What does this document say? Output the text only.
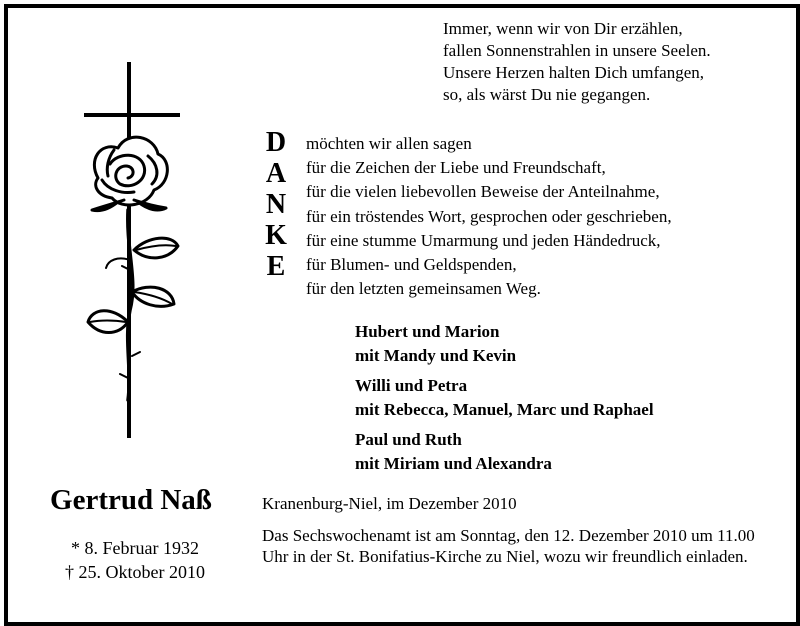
Immer, wenn wir von Dir erzählen,
fallen Sonnenstrahlen in unsere Seelen.
Unsere Herzen halten Dich umfangen,
so, als wärst Du nie gegangen.
D
A
N
K
E
möchten wir allen sagen
für die Zeichen der Liebe und Freundschaft,
für die vielen liebevollen Beweise der Anteilnahme,
für ein tröstendes Wort, gesprochen oder geschrieben,
für eine stumme Umarmung und jeden Händedruck,
für Blumen- und Geldspenden,
für den letzten gemeinsamen Weg.
Hubert und Marion
mit Mandy und Kevin
Willi und Petra
mit Rebecca, Manuel, Marc und Raphael
Paul und Ruth
mit Miriam und Alexandra
Gertrud Naß
* 8. Februar 1932
† 25. Oktober 2010
Kranenburg-Niel, im Dezember 2010
Das Sechswochenamt ist am Sonntag, den 12. Dezember 2010 um 11.00 Uhr in der St. Bonifatius-Kirche zu Niel, wozu wir freundlich einladen.
